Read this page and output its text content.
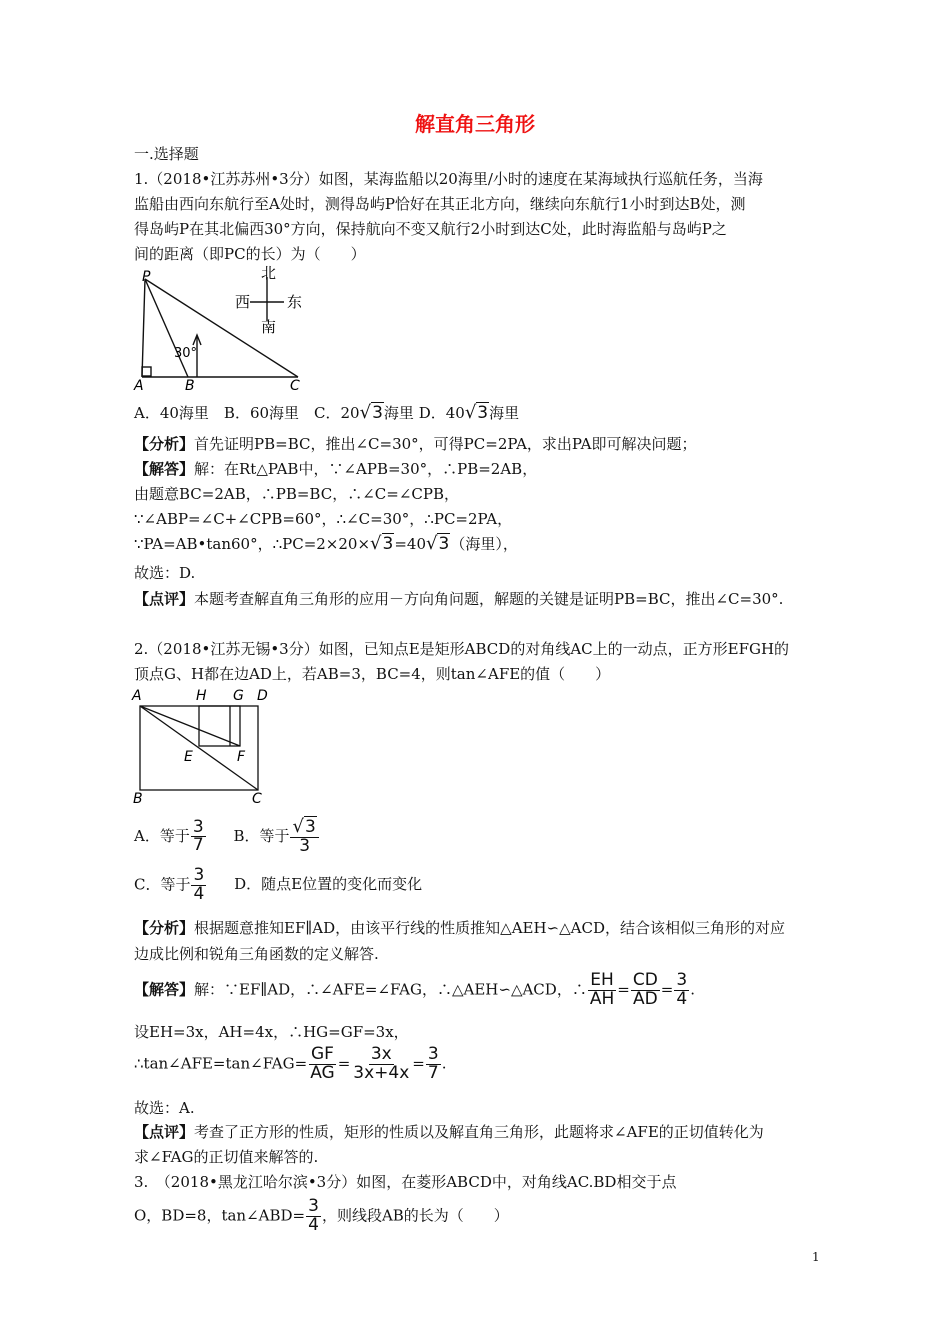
解直角三角形
一.选择题
1.（2018•江苏苏州•3分）如图，某海监船以20海里/小时的速度在某海域执行巡航任务，当海
监船由西向东航行至A处时，测得岛屿P恰好在其正北方向，继续向东航行1小时到达B处，测
得岛屿P在其北偏西30°方向，保持航向不变又航行2小时到达C处，此时海监船与岛屿P之
间的距离（即PC的长）为（　　）
P
A	B	C
30°
北
南
西 东
A．40海里　B．60海里　C．20√3海里 D．40√3海里
【分析】首先证明PB=BC，推出∠C=30°，可得PC=2PA，求出PA即可解决问题；
【解答】解：在Rt△PAB中，∵∠APB=30°，∴PB=2AB，
由题意BC=2AB，∴PB=BC，∴∠C=∠CPB，
∵∠ABP=∠C+∠CPB=60°，∴∠C=30°，∴PC=2PA，
∵PA=AB•tan60°，∴PC=2×20×√3=40√3（海里），
故选：D.
【点评】本题考查解直角三角形的应用－方向角问题，解题的关键是证明PB=BC，推出∠C=30°.
2.（2018•江苏无锡•3分）如图，已知点E是矩形ABCD的对角线AC上的一动点，正方形EFGH的
顶点G、H都在边AD上，若AB=3，BC=4，则tan∠AFE的值（　　）
A	H G D
E	F
B	C
A．等于 $\frac{3}{7}$ B．等于 $\frac{√3}{3}$
C．等于 $\frac{3}{4}$ D．随点E位置的变化而变化
【分析】根据题意推知EF∥AD，由该平行线的性质推知△AEH∽△ACD，结合该相似三角形的对应
边成比例和锐角三角函数的定义解答.
【解答】解：∵EF∥AD，∴∠AFE=∠FAG，∴△AEH∽△ACD，∴ $\frac{EH}{AH} = \frac{CD}{AD} = \frac{3}{4}$ .
设EH=3x，AH=4x，∴HG=GF=3x，
∴tan∠AFE=tan∠FAG= $\frac{GF}{AG} = \frac{3x}{3x+4x} = \frac{3}{7}$ .
故选：A.
【点评】考查了正方形的性质，矩形的性质以及解直角三角形，此题将求∠AFE的正切值转化为
求∠FAG的正切值来解答的.
3.　（2018•黑龙江哈尔滨•3分）如图，在菱形ABCD中，对角线AC.BD相交于点
O，BD=8，tan∠ABD= $\frac{3}{4}$ ，则线段AB的长为（　　）
1
